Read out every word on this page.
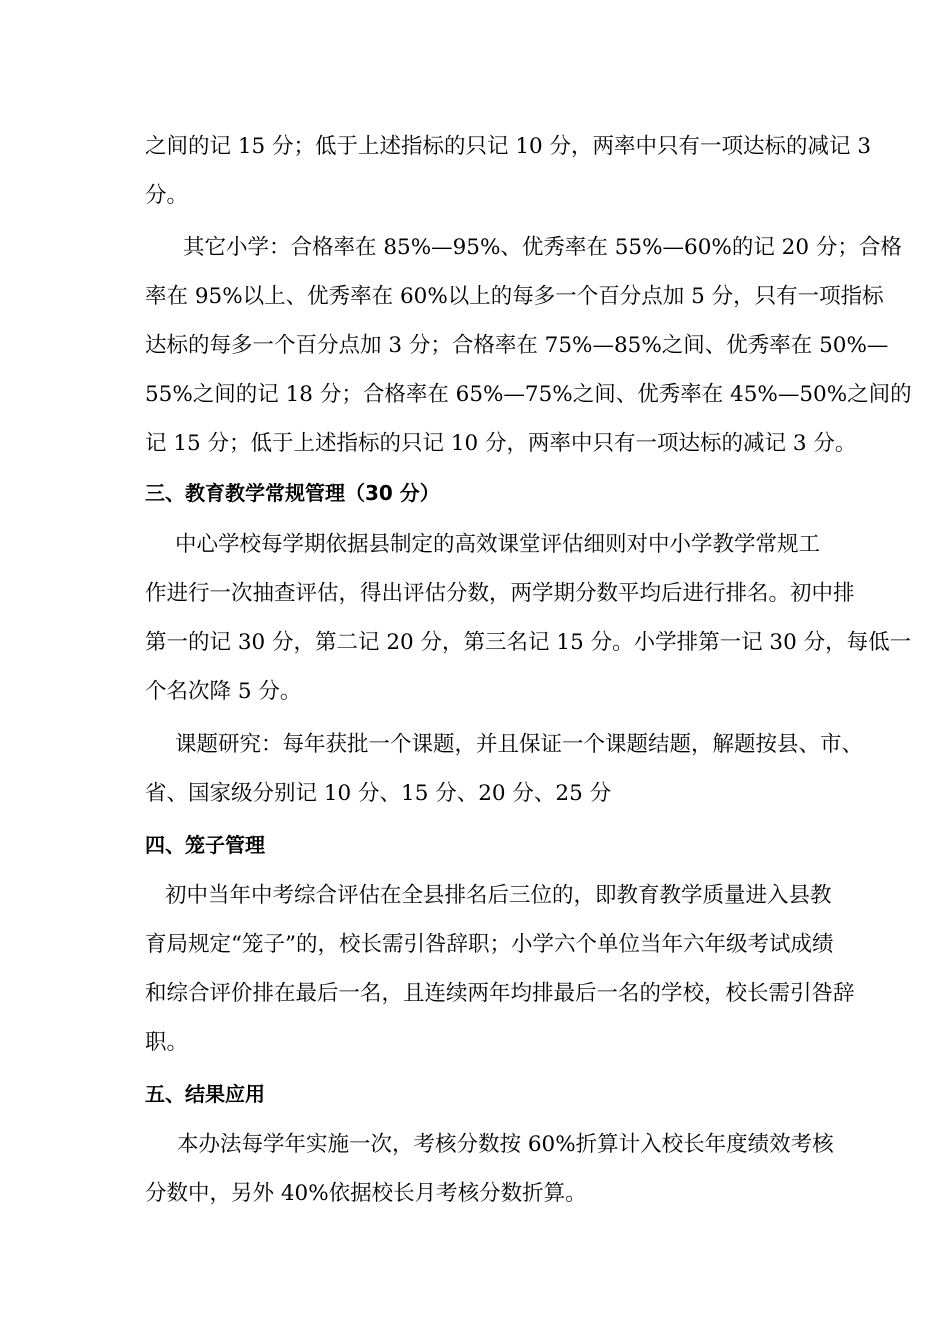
之间的记 15 分；低于上述指标的只记 10 分，两率中只有一项达标的减记 3
分。
其它小学：合格率在 85%—95%、优秀率在 55%—60%的记 20 分；合格
率在 95%以上、优秀率在 60%以上的每多一个百分点加 5 分，只有一项指标
达标的每多一个百分点加 3 分；合格率在 75%—85%之间、优秀率在 50%—
55%之间的记 18 分；合格率在 65%—75%之间、优秀率在 45%—50%之间的
记 15 分；低于上述指标的只记 10 分，两率中只有一项达标的减记 3 分。
三、教育教学常规管理（30 分）
中心学校每学期依据县制定的高效课堂评估细则对中小学教学常规工
作进行一次抽查评估，得出评估分数，两学期分数平均后进行排名。初中排
第一的记 30 分，第二记 20 分，第三名记 15 分。小学排第一记 30 分，每低一
个名次降 5 分。
课题研究：每年获批一个课题，并且保证一个课题结题，解题按县、市、
省、国家级分别记 10 分、15 分、20 分、25 分
四、笼子管理
初中当年中考综合评估在全县排名后三位的，即教育教学质量进入县教
育局规定“笼子”的，校长需引咎辞职；小学六个单位当年六年级考试成绩
和综合评价排在最后一名，且连续两年均排最后一名的学校，校长需引咎辞
职。
五、结果应用
本办法每学年实施一次，考核分数按 60%折算计入校长年度绩效考核
分数中，另外 40%依据校长月考核分数折算。
